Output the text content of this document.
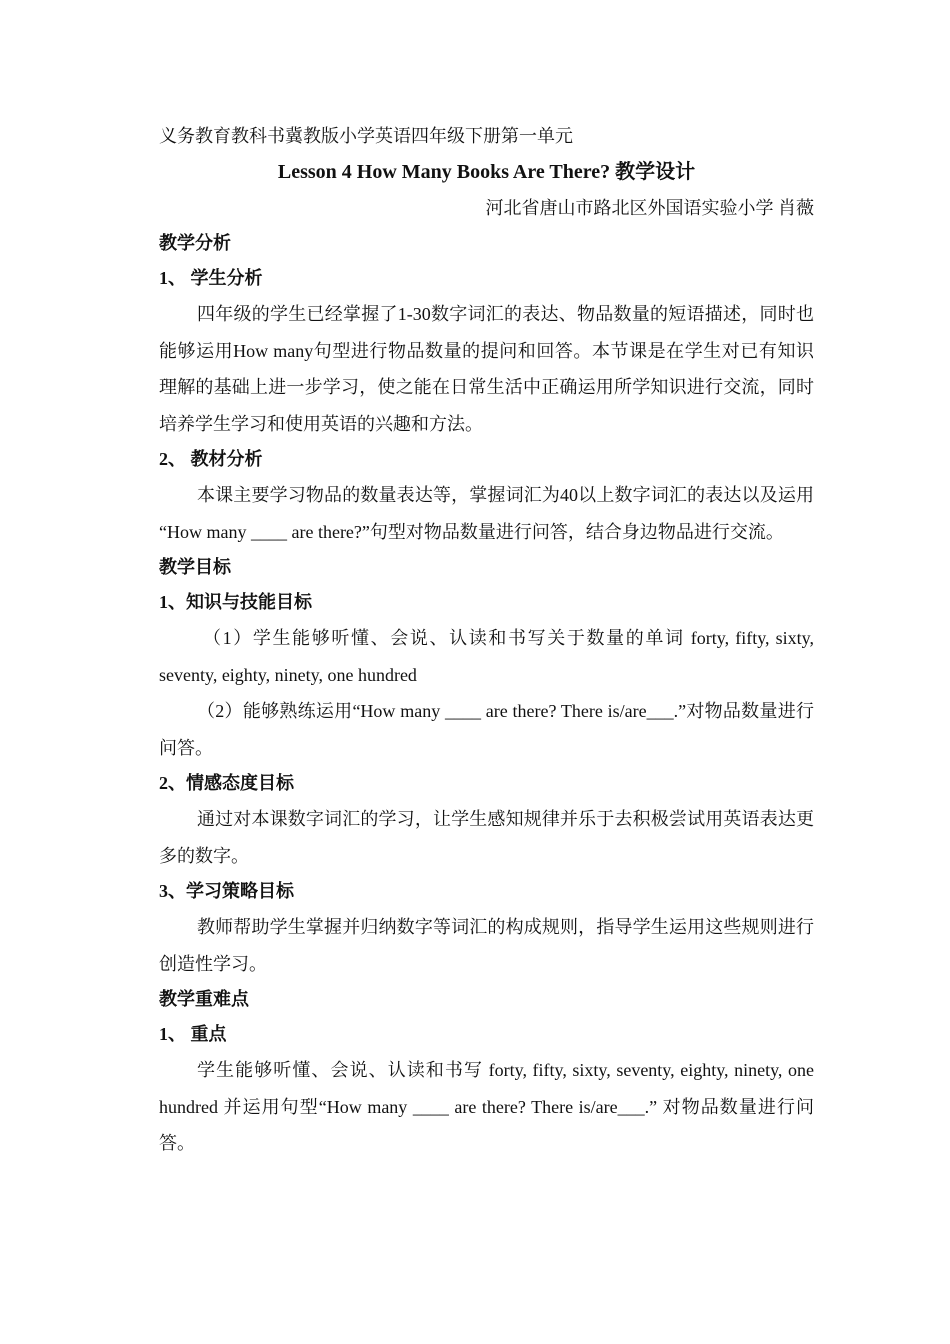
义务教育教科书冀教版小学英语四年级下册第一单元
Lesson 4 How Many Books Are There? 教学设计
河北省唐山市路北区外国语实验小学 肖薇
教学分析
1、 学生分析

四年级的学生已经掌握了1-30数字词汇的表达、物品数量的短语描述，同时也能够运用How many句型进行物品数量的提问和回答。本节课是在学生对已有知识理解的基础上进一步学习，使之能在日常生活中正确运用所学知识进行交流，同时培养学生学习和使用英语的兴趣和方法。

2、 教材分析

本课主要学习物品的数量表达等，掌握词汇为40以上数字词汇的表达以及运用 “How many ____ are there?”句型对物品数量进行问答，结合身边物品进行交流。

教学目标
1、知识与技能目标

（1）学生能够听懂、会说、认读和书写关于数量的单词 forty, fifty, sixty, seventy, eighty, ninety, one hundred

（2）能够熟练运用“How many ____ are there? There is/are___.”对物品数量进行问答。

2、情感态度目标

通过对本课数字词汇的学习，让学生感知规律并乐于去积极尝试用英语表达更多的数字。

3、学习策略目标

教师帮助学生掌握并归纳数字等词汇的构成规则，指导学生运用这些规则进行创造性学习。

教学重难点
1、 重点

学生能够听懂、会说、认读和书写 forty, fifty, sixty, seventy, eighty, ninety, one hundred 并运用句型“How many ____ are there? There is/are___.” 对物品数量进行问答。
